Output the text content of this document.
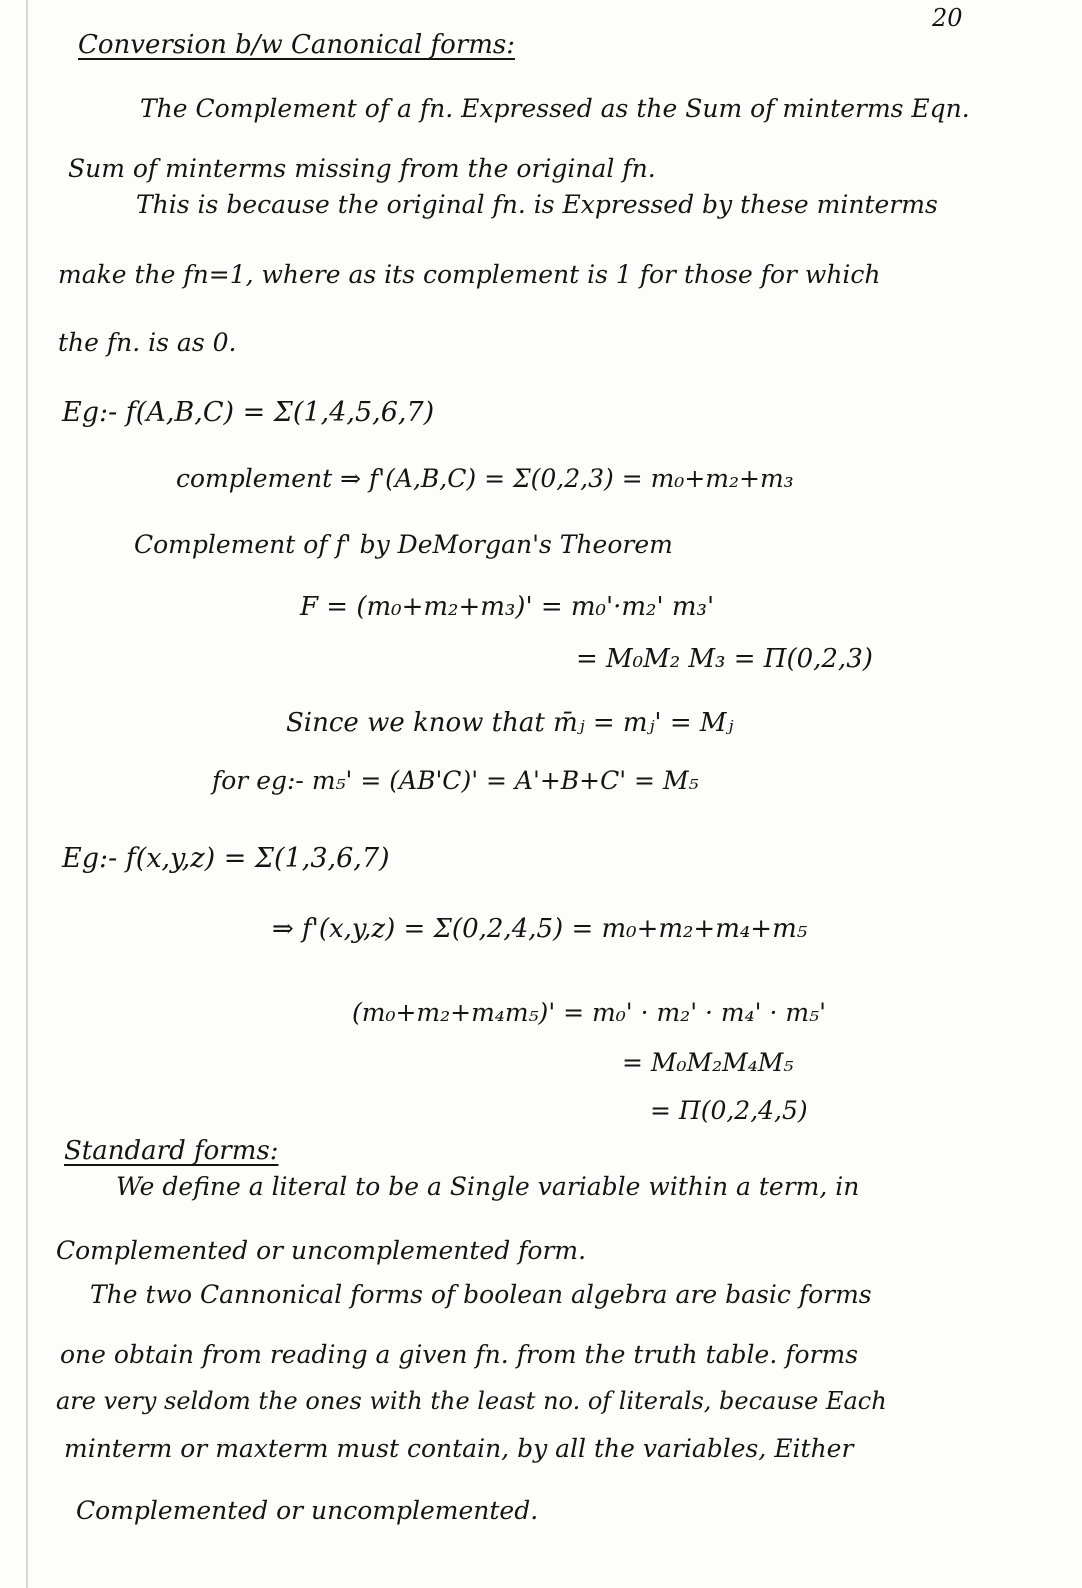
20
Conversion b/w Canonical forms:
The Complement of a fn. Expressed as the Sum of minterms Eqn.
Sum of minterms missing from the original fn.
This is because the original fn. is Expressed by these minterms
make the fn=1, where as its complement is 1 for those for which
the fn. is as 0.
Eg:- f(A,B,C) = Σ(1,4,5,6,7)
complement ⇒ f'(A,B,C) = Σ(0,2,3) = m₀+m₂+m₃
Complement of f' by DeMorgan's Theorem
F = (m₀+m₂+m₃)' = m₀'·m₂' m₃'
= M₀M₂ M₃ = Π(0,2,3)
Since we know that m̄ⱼ = mⱼ' = Mⱼ
for eg:- m₅' = (AB'C)' = A'+B+C' = M₅
Eg:- f(x,y,z) = Σ(1,3,6,7)
⇒ f'(x,y,z) = Σ(0,2,4,5) = m₀+m₂+m₄+m₅
(m₀+m₂+m₄m₅)' = m₀' · m₂' · m₄' · m₅'
= M₀M₂M₄M₅
= Π(0,2,4,5)
Standard forms:
We define a literal to be a Single variable within a term, in
Complemented or uncomplemented form.
The two Cannonical forms of boolean algebra are basic forms
one obtain from reading a given fn. from the truth table. forms
are very seldom the ones with the least no. of literals, because Each
minterm or maxterm must contain, by all the variables, Either
Complemented or uncomplemented.
